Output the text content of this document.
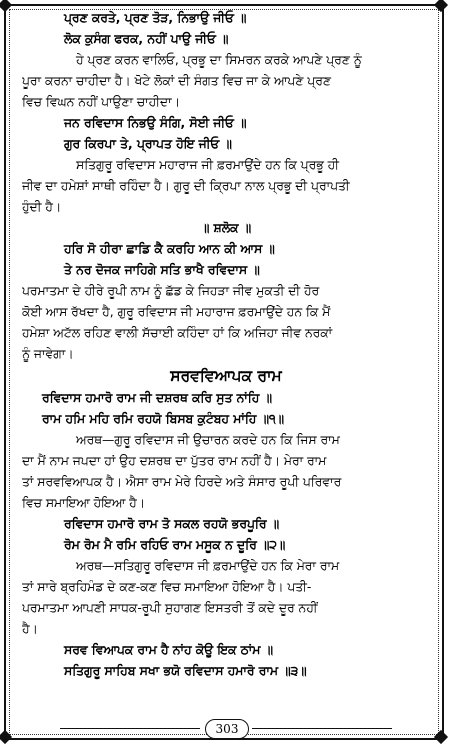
ਪ੍ਰਣ ਕਰਤੇ, ਪ੍ਰਣ ਤੋੜ, ਨਿਭਾਉ ਜੀਓ ॥
ਲੋਕ ਕੁਸੰਗ ਫਰਕ, ਨਹੀਂ ਪਾਉ ਜੀਓ ॥
ਹੇ ਪ੍ਰਣ ਕਰਨ ਵਾਲਿਓ, ਪ੍ਰਭੂ ਦਾ ਸਿਮਰਨ ਕਰਕੇ ਆਪਣੇ ਪ੍ਰਣ ਨੂੰ
ਪੂਰਾ ਕਰਨਾ ਚਾਹੀਦਾ ਹੈ। ਖੋਟੇ ਲੋਕਾਂ ਦੀ ਸੰਗਤ ਵਿਚ ਜਾ ਕੇ ਆਪਣੇ ਪ੍ਰਣ
ਵਿਚ ਵਿਘਨ ਨਹੀਂ ਪਾਉਣਾ ਚਾਹੀਦਾ।
ਜਨ ਰਵਿਦਾਸ ਨਿਭਉ ਸੰਗਿ, ਸੋਈ ਜੀਓ ॥
ਗੁਰ ਕਿਰਪਾ ਤੇ, ਪ੍ਰਾਪਤ ਹੋਇ ਜੀਓ ॥
ਸਤਿਗੁਰੂ ਰਵਿਦਾਸ ਮਹਾਰਾਜ ਜੀ ਫ਼ਰਮਾਉਂਦੇ ਹਨ ਕਿ ਪ੍ਰਭੂ ਹੀ
ਜੀਵ ਦਾ ਹਮੇਸ਼ਾਂ ਸਾਥੀ ਰਹਿੰਦਾ ਹੈ। ਗੁਰੂ ਦੀ ਕ੍ਰਿਪਾ ਨਾਲ ਪ੍ਰਭੂ ਦੀ ਪ੍ਰਾਪਤੀ
ਹੁੰਦੀ ਹੈ।
॥ ਸ਼ਲੋਕ ॥
ਹਰਿ ਸੋ ਹੀਰਾ ਛਾਡਿ ਕੈ ਕਰਹਿ ਆਨ ਕੀ ਆਸ ॥
ਤੇ ਨਰ ਦੋਜਕ ਜਾਹਿਗੇ ਸਤਿ ਭਾਖੈ ਰਵਿਦਾਸ ॥
ਪਰਮਾਤਮਾ ਦੇ ਹੀਰੇ ਰੂਪੀ ਨਾਮ ਨੂੰ ਛੱਡ ਕੇ ਜਿਹੜਾ ਜੀਵ ਮੁਕਤੀ ਦੀ ਹੋਰ
ਕੋਈ ਆਸ ਰੱਖਦਾ ਹੈ, ਗੁਰੂ ਰਵਿਦਾਸ ਜੀ ਮਹਾਰਾਜ ਫ਼ਰਮਾਉਂਦੇ ਹਨ ਕਿ ਮੈਂ
ਹਮੇਸ਼ਾ ਅਟੱਲ ਰਹਿਣ ਵਾਲੀ ਸੱਚਾਈ ਕਹਿੰਦਾ ਹਾਂ ਕਿ ਅਜਿਹਾ ਜੀਵ ਨਰਕਾਂ
ਨੂੰ ਜਾਵੇਗਾ।
ਸਰਵਵਿਆਪਕ ਰਾਮ
ਰਵਿਦਾਸ ਹਮਾਰੋ ਰਾਮ ਜੀ ਦਸ਼ਰਥ ਕਰਿ ਸੁਤ ਨਾਂਹਿ ॥
ਰਾਮ ਹਮਿ ਮਹਿ ਰਮਿ ਰਹਯੋ ਬਿਸਬ ਕੁਟੰਬਹ ਮਾਂਹਿ ॥੧॥
ਅਰਥ—ਗੁਰੂ ਰਵਿਦਾਸ ਜੀ ਉਚਾਰਨ ਕਰਦੇ ਹਨ ਕਿ ਜਿਸ ਰਾਮ
ਦਾ ਮੈਂ ਨਾਮ ਜਪਦਾ ਹਾਂ ਉਹ ਦਸ਼ਰਥ ਦਾ ਪੁੱਤਰ ਰਾਮ ਨਹੀਂ ਹੈ। ਮੇਰਾ ਰਾਮ
ਤਾਂ ਸਰਵਵਿਆਪਕ ਹੈ। ਐਸਾ ਰਾਮ ਮੇਰੇ ਹਿਰਦੇ ਅਤੇ ਸੰਸਾਰ ਰੂਪੀ ਪਰਿਵਾਰ
ਵਿਚ ਸਮਾਇਆ ਹੋਇਆ ਹੈ।
ਰਵਿਦਾਸ ਹਮਾਰੋ ਰਾਮ ਤੋ ਸਕਲ ਰਹਯੋ ਭਰਪੂਰਿ ॥
ਰੋਮ ਰੋਮ ਮੈ ਰਮਿ ਰਹਿਓ ਰਾਮ ਮਸੂਕ ਨ ਦੂਰਿ ॥੨॥
ਅਰਥ—ਸਤਿਗੁਰੂ ਰਵਿਦਾਸ ਜੀ ਫ਼ਰਮਾਉਂਦੇ ਹਨ ਕਿ ਮੇਰਾ ਰਾਮ
ਤਾਂ ਸਾਰੇ ਬ੍ਰਹਿਮੰਡ ਦੇ ਕਣ-ਕਣ ਵਿਚ ਸਮਾਇਆ ਹੋਇਆ ਹੈ। ਪਤੀ-
ਪਰਮਾਤਮਾ ਆਪਣੀ ਸਾਧਕ-ਰੂਪੀ ਸੁਹਾਗਣ ਇਸਤਰੀ ਤੋਂ ਕਦੇ ਦੂਰ ਨਹੀਂ
ਹੈ।
ਸਰਵ ਵਿਆਪਕ ਰਾਮ ਹੈ ਨਾਂਹ ਕੋਊ ਇਕ ਠਾਂਮ ॥
ਸਤਿਗੁਰੂ ਸਾਹਿਬ ਸਖਾ ਭਯੋ ਰਵਿਦਾਸ ਹਮਾਰੋ ਰਾਮ ॥੩॥
303
